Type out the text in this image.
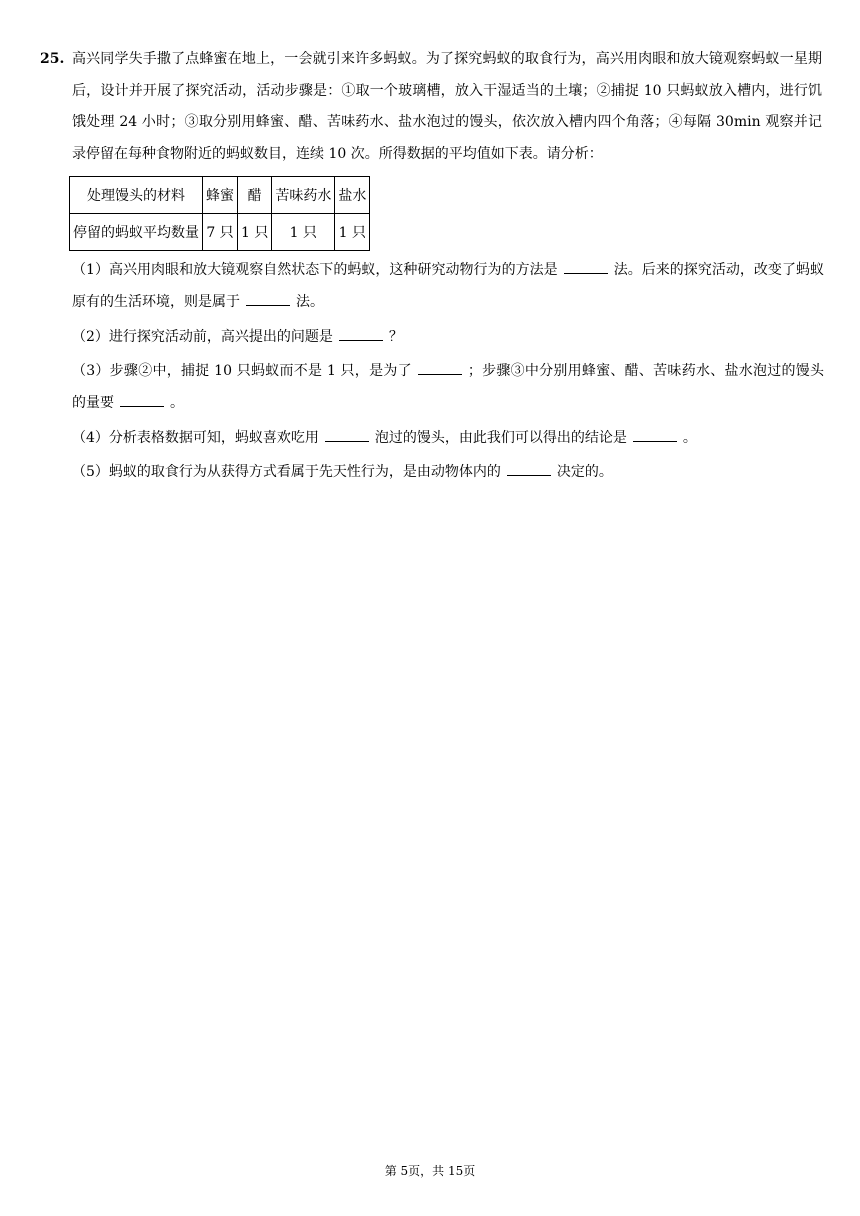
25. 高兴同学失手撒了点蜂蜜在地上，一会就引来许多蚂蚁。为了探究蚂蚁的取食行为，高兴用肉眼和放大镜观察蚂蚁一星期后，设计并开展了探究活动，活动步骤是：①取一个玻璃槽，放入干湿适当的土壤；②捕捉 10 只蚂蚁放入槽内，进行饥饿处理 24 小时；③取分别用蜂蜜、醋、苦味药水、盐水泡过的馒头，依次放入槽内四个角落；④每隔 30min 观察并记录停留在每种食物附近的蚂蚁数目，连续 10 次。所得数据的平均值如下表。请分析：
处理馒头的材料	蜂蜜	醋	苦味药水	盐水
停留的蚂蚁平均数量	7 只	1 只	1 只	1 只
（1）高兴用肉眼和放大镜观察自然状态下的蚂蚁，这种研究动物行为的方法是	法。后来的探究活动，改变了蚂蚁原有的生活环境，则是属于	法。
（2）进行探究活动前，高兴提出的问题是	？
（3）步骤②中，捕捉 10 只蚂蚁而不是 1 只，是为了	；步骤③中分别用蜂蜜、醋、苦味药水、盐水泡过的馒头的量要	。
（4）分析表格数据可知，蚂蚁喜欢吃用	泡过的馒头，由此我们可以得出的结论是	。
（5）蚂蚁的取食行为从获得方式看属于先天性行为，是由动物体内的	决定的。
第 5页，共 15页
